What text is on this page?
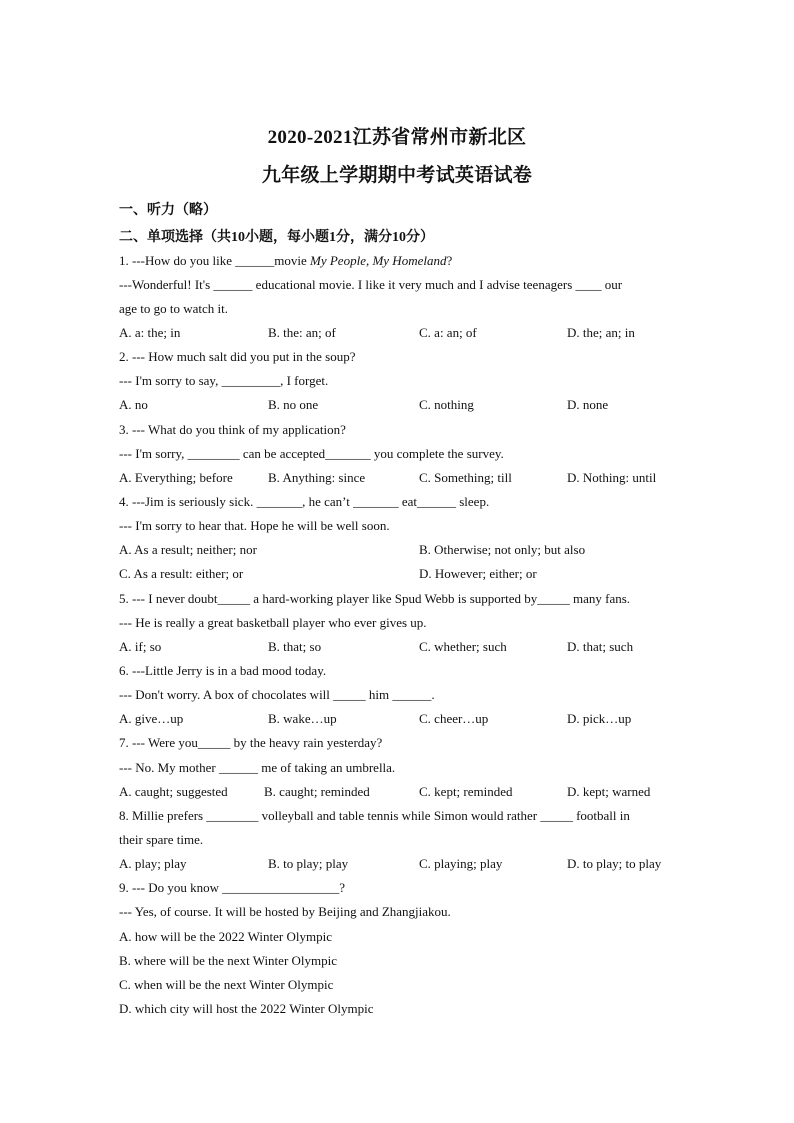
2020-2021江苏省常州市新北区
九年级上学期期中考试英语试卷
一、听力（略）
二、单项选择（共10小题，每小题1分，满分10分）
1. ---How do you like ______movie My People, My Homeland?
---Wonderful! It's ______ educational movie. I like it very much and I advise teenagers ____ our
age to go to watch it.
A. a: the; in	B. the: an; of	C. a: an; of	D. the; an; in
2. --- How much salt did you put in the soup?
--- I'm sorry to say, _________, I forget.
A. no	B. no one	C. nothing	D. none
3. --- What do you think of my application?
--- I'm sorry, ________ can be accepted_______ you complete the survey.
A. Everything; before	B. Anything: since	C. Something; till	D. Nothing: until
4. ---Jim is seriously sick. _______, he can’t _______ eat______ sleep.
--- I'm sorry to hear that. Hope he will be well soon.
A. As a result; neither; nor	B. Otherwise; not only; but also
C. As a result: either; or	D. However; either; or
5. --- I never doubt_____ a hard-working player like Spud Webb is supported by_____ many fans.
--- He is really a great basketball player who ever gives up.
A. if; so	B. that; so	C. whether; such	D. that; such
6. ---Little Jerry is in a bad mood today.
--- Don't worry. A box of chocolates will _____ him ______.
A. give…up	B. wake…up	C. cheer…up	D. pick…up
7. --- Were you_____ by the heavy rain yesterday?
--- No. My mother ______ me of taking an umbrella.
A. caught; suggested	B. caught; reminded	C. kept; reminded	D. kept; warned
8. Millie prefers ________ volleyball and table tennis while Simon would rather _____ football in
their spare time.
A. play; play	B. to play; play	C. playing; play	D. to play; to play
9. --- Do you know __________________?
--- Yes, of course. It will be hosted by Beijing and Zhangjiakou.
A. how will be the 2022 Winter Olympic
B. where will be the next Winter Olympic
C. when will be the next Winter Olympic
D. which city will host the 2022 Winter Olympic
